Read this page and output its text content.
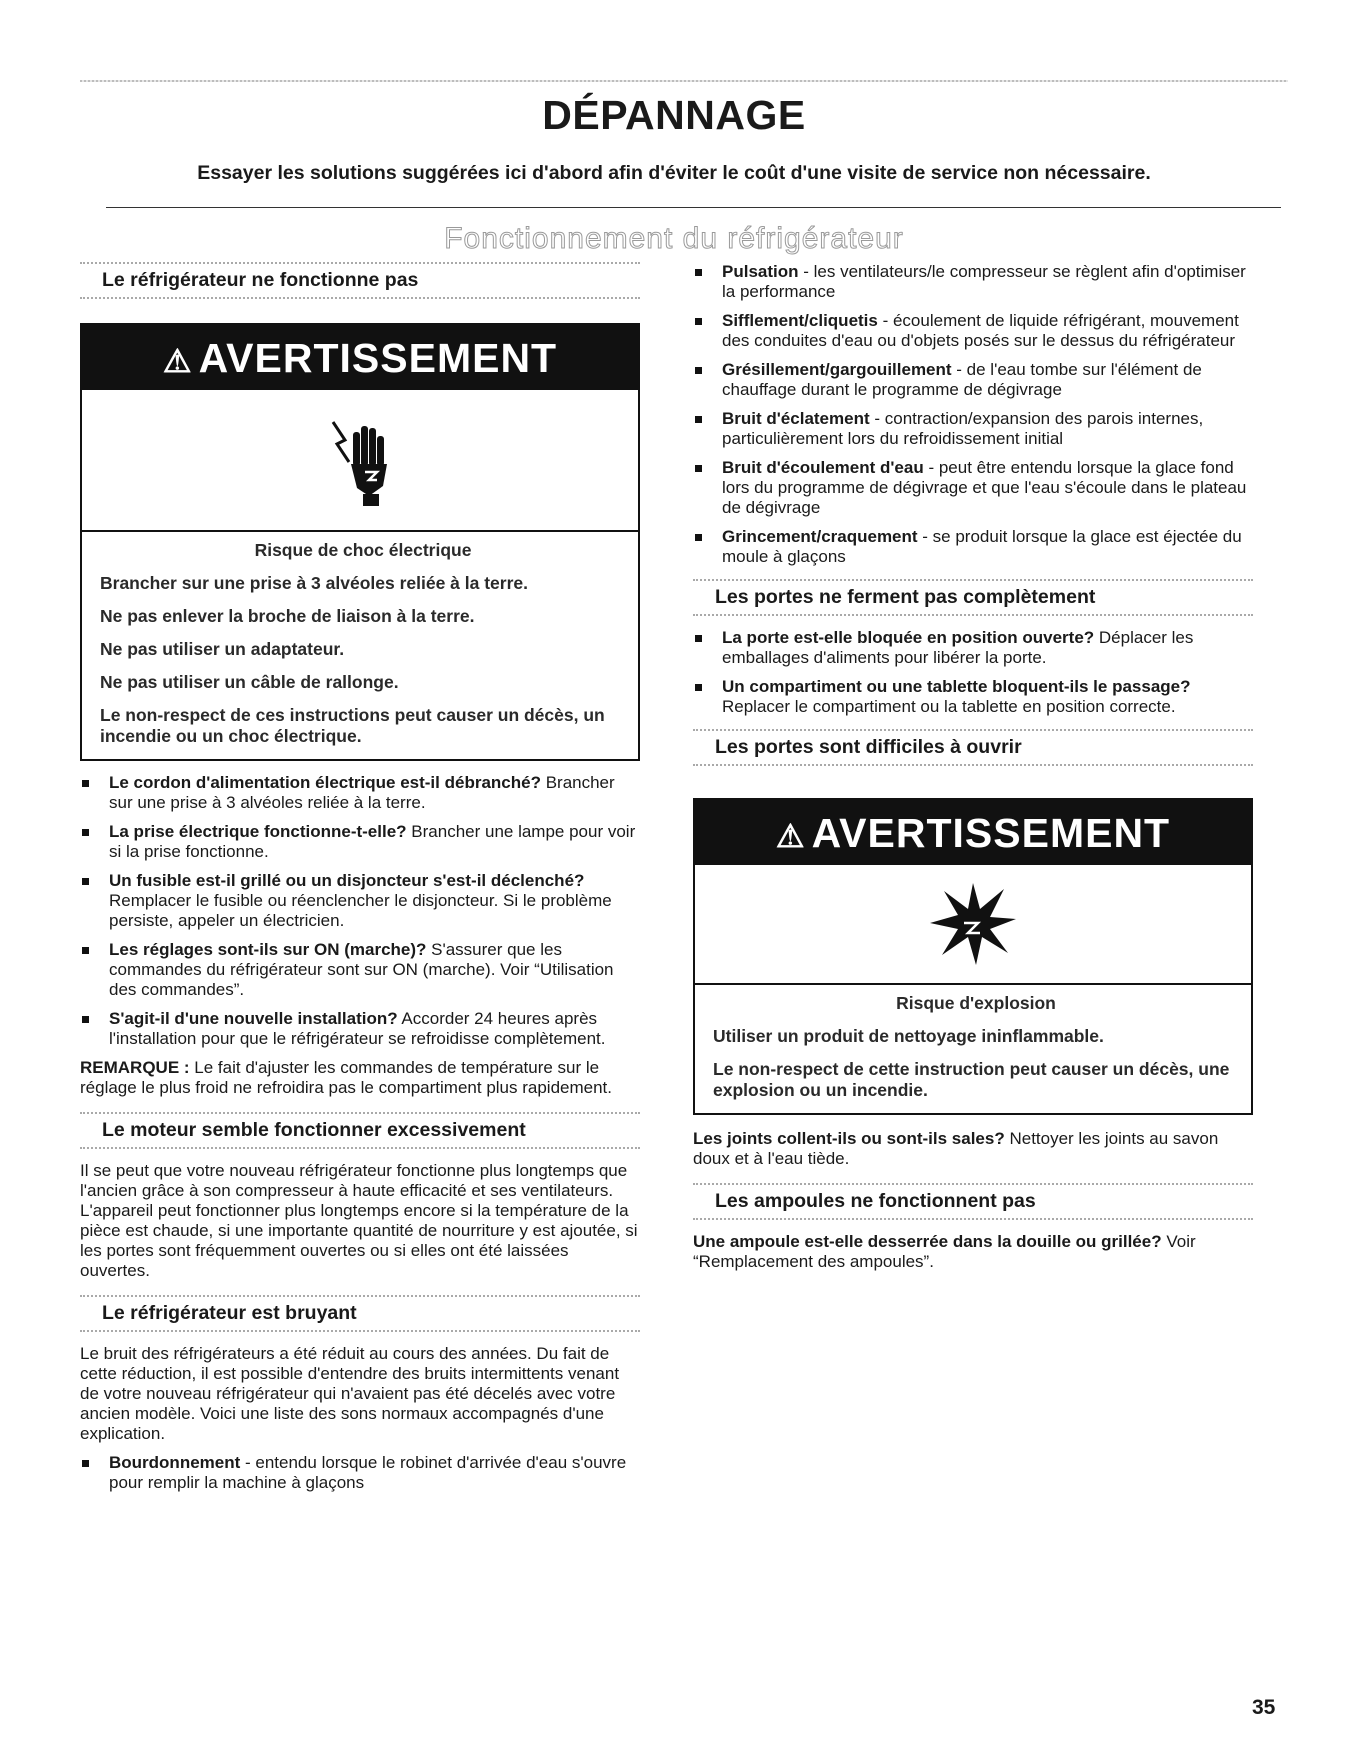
DÉPANNAGE

Essayer les solutions suggérées ici d'abord afin d'éviter le coût d'une visite de service non nécessaire.

Fonctionnement du réfrigérateur
Le réfrigérateur ne fonctionne pas
⚠ AVERTISSEMENT

Risque de choc électrique

Brancher sur une prise à 3 alvéoles reliée à la terre.

Ne pas enlever la broche de liaison à la terre.

Ne pas utiliser un adaptateur.

Ne pas utiliser un câble de rallonge.

Le non-respect de ces instructions peut causer un décès, un incendie ou un choc électrique.

Le cordon d'alimentation électrique est-il débranché? Brancher sur une prise à 3 alvéoles reliée à la terre.
La prise électrique fonctionne-t-elle? Brancher une lampe pour voir si la prise fonctionne.
Un fusible est-il grillé ou un disjoncteur s'est-il déclenché? Remplacer le fusible ou réenclencher le disjoncteur. Si le problème persiste, appeler un électricien.
Les réglages sont-ils sur ON (marche)? S'assurer que les commandes du réfrigérateur sont sur ON (marche). Voir “Utilisation des commandes”.
S'agit-il d'une nouvelle installation? Accorder 24 heures après l'installation pour que le réfrigérateur se refroidisse complètement.

REMARQUE : Le fait d'ajuster les commandes de température sur le réglage le plus froid ne refroidira pas le compartiment plus rapidement.

Le moteur semble fonctionner excessivement

Il se peut que votre nouveau réfrigérateur fonctionne plus longtemps que l'ancien grâce à son compresseur à haute efficacité et ses ventilateurs. L'appareil peut fonctionner plus longtemps encore si la température de la pièce est chaude, si une importante quantité de nourriture y est ajoutée, si les portes sont fréquemment ouvertes ou si elles ont été laissées ouvertes.

Le réfrigérateur est bruyant

Le bruit des réfrigérateurs a été réduit au cours des années. Du fait de cette réduction, il est possible d'entendre des bruits intermittents venant de votre nouveau réfrigérateur qui n'avaient pas été décelés avec votre ancien modèle. Voici une liste des sons normaux accompagnés d'une explication.

Bourdonnement - entendu lorsque le robinet d'arrivée d'eau s'ouvre pour remplir la machine à glaçons
Pulsation - les ventilateurs/le compresseur se règlent afin d'optimiser la performance
Sifflement/cliquetis - écoulement de liquide réfrigérant, mouvement des conduites d'eau ou d'objets posés sur le dessus du réfrigérateur
Grésillement/gargouillement - de l'eau tombe sur l'élément de chauffage durant le programme de dégivrage
Bruit d'éclatement - contraction/expansion des parois internes, particulièrement lors du refroidissement initial
Bruit d'écoulement d'eau - peut être entendu lorsque la glace fond lors du programme de dégivrage et que l'eau s'écoule dans le plateau de dégivrage
Grincement/craquement - se produit lorsque la glace est éjectée du moule à glaçons
Les portes ne ferment pas complètement
La porte est-elle bloquée en position ouverte? Déplacer les emballages d'aliments pour libérer la porte.
Un compartiment ou une tablette bloquent-ils le passage? Replacer le compartiment ou la tablette en position correcte.
Les portes sont difficiles à ouvrir
⚠ AVERTISSEMENT

Risque d'explosion

Utiliser un produit de nettoyage ininflammable.

Le non-respect de cette instruction peut causer un décès, une explosion ou un incendie.

Les joints collent-ils ou sont-ils sales? Nettoyer les joints au savon doux et à l'eau tiède.

Les ampoules ne fonctionnent pas

Une ampoule est-elle desserrée dans la douille ou grillée? Voir “Remplacement des ampoules”.

35
